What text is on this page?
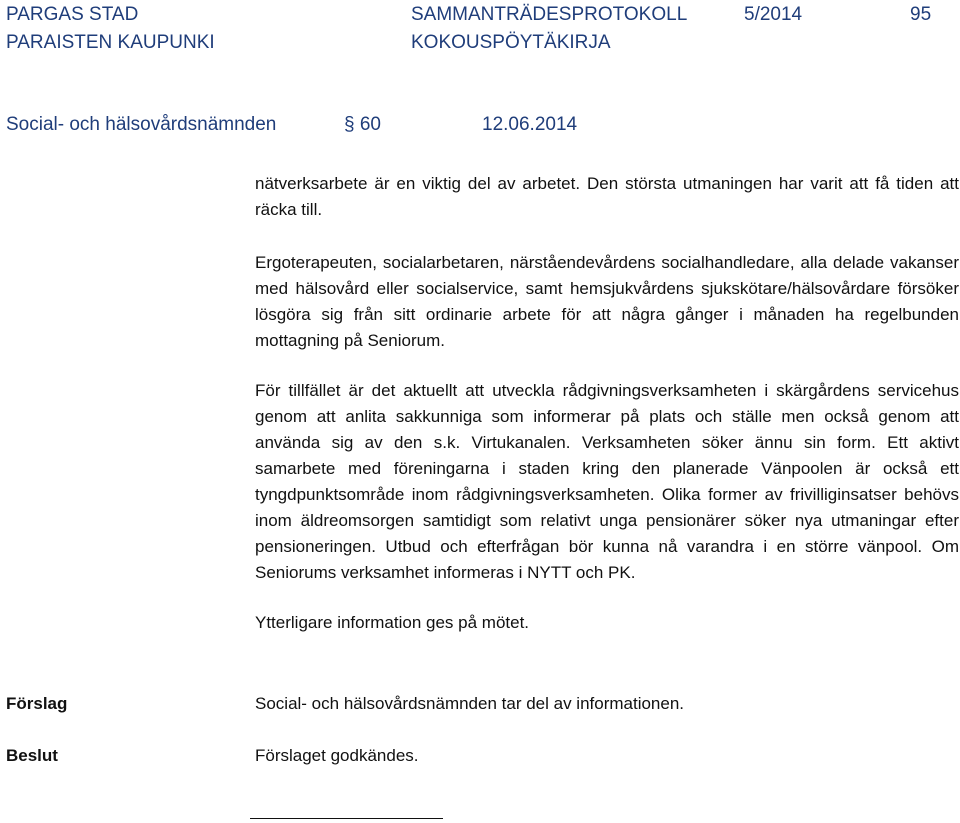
PARGAS STAD
PARAISTEN KAUPUNKI
SAMMANTRÄDESPROTOKOLL
KOKOUSPÖYTÄKIRJA
5/2014	95
Social- och hälsovårdsnämnden	§ 60	12.06.2014

nätverksarbete är en viktig del av arbetet. Den största utmaningen har varit att få tiden att räcka till.

Ergoterapeuten, socialarbetaren, närståendevårdens socialhandledare, alla delade vakanser med hälsovård eller socialservice, samt hemsjukvårdens sjukskötare/hälsovårdare försöker lösgöra sig från sitt ordinarie arbete för att några gånger i månaden ha regelbunden mottagning på Seniorum.

För tillfället är det aktuellt att utveckla rådgivningsverksamheten i skärgårdens servicehus genom att anlita sakkunniga som informerar på plats och ställe men också genom att använda sig av den s.k. Virtukanalen. Verksamheten söker ännu sin form. Ett aktivt samarbete med föreningarna i staden kring den planerade Vänpoolen är också ett tyngdpunktsområde inom rådgivningsverksamheten. Olika former av frivilliginsatser behövs inom äldreomsorgen samtidigt som relativt unga pensionärer söker nya utmaningar efter pensioneringen. Utbud och efterfrågan bör kunna nå varandra i en större vänpool. Om Seniorums verksamhet informeras i NYTT och PK.

Ytterligare information ges på mötet.

Förslag	Social- och hälsovårdsnämnden tar del av informationen.
Beslut	Förslaget godkändes.
